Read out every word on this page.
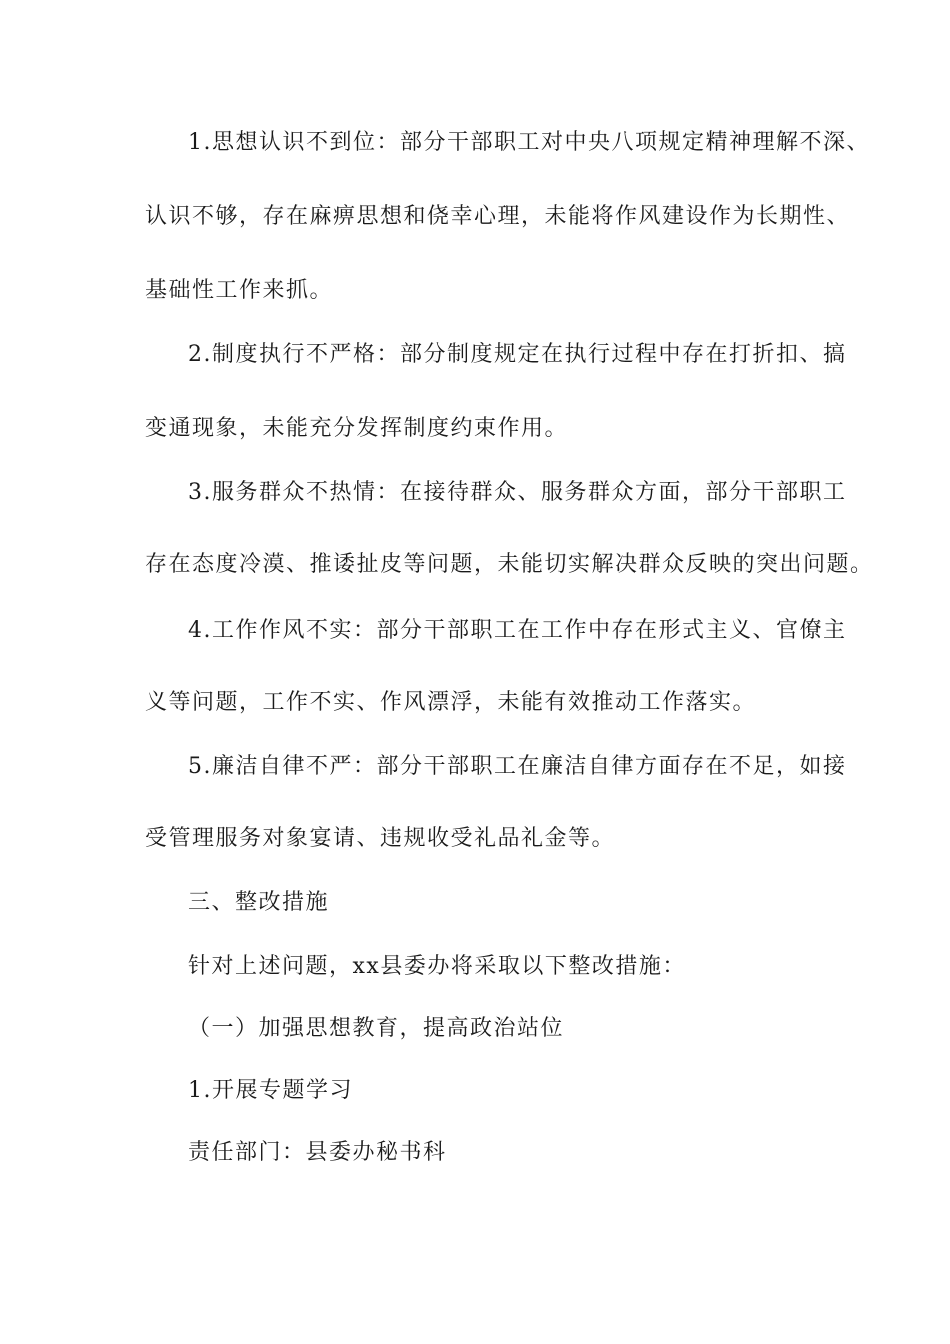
1.思想认识不到位：部分干部职工对中央八项规定精神理解不深、
认识不够，存在麻痹思想和侥幸心理，未能将作风建设作为长期性、
基础性工作来抓。
2.制度执行不严格：部分制度规定在执行过程中存在打折扣、搞
变通现象，未能充分发挥制度约束作用。
3.服务群众不热情：在接待群众、服务群众方面，部分干部职工
存在态度冷漠、推诿扯皮等问题，未能切实解决群众反映的突出问题。
4.工作作风不实：部分干部职工在工作中存在形式主义、官僚主
义等问题，工作不实、作风漂浮，未能有效推动工作落实。
5.廉洁自律不严：部分干部职工在廉洁自律方面存在不足，如接
受管理服务对象宴请、违规收受礼品礼金等。
三、整改措施
针对上述问题，xx县委办将采取以下整改措施：
（一）加强思想教育，提高政治站位
1.开展专题学习
责任部门：县委办秘书科
